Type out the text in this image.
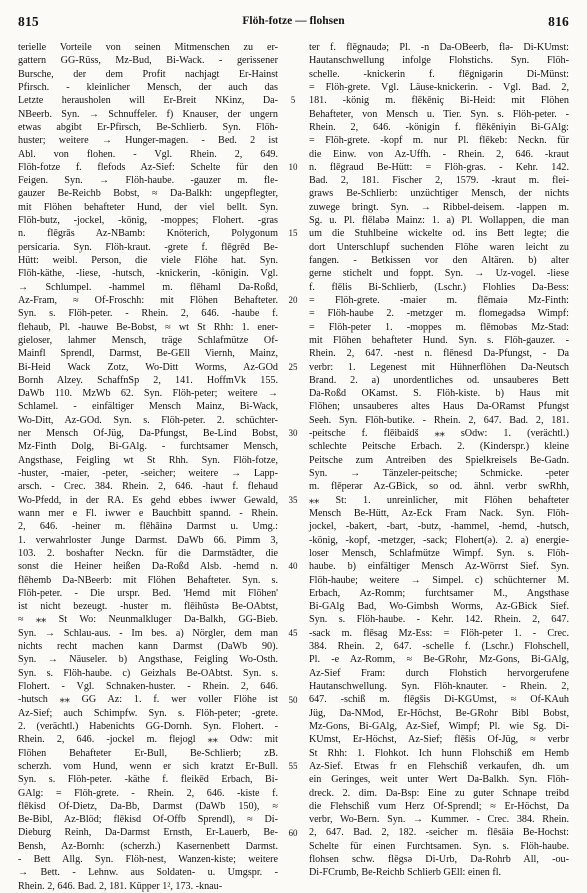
815	Flöh-fotze — flohsen	816
terielle Vorteile von seinen Mitmenschen zu er-
gattern GG-Rüss, Mz-Bud, Bi-Wack. - gerissener
Bursche, der dem Profit nachjagt Er-Hainst
Pfirsch. - kleinlicher Mensch, der auch das
Letzte herausholen will Er-Breit NKinz, Da-
NBeerb. Syn. → Schnuffeler. f) Knauser, der ungern
etwas abgibt Er-Pfirsch, Be-Schlierb. Syn. Flöh-
huster; weitere → Hunger-magen. - Bed. 2 ist
Abl. von flohen. - Vgl. Rhein. 2, 649.
Flöh-fotze f. flefods Az-Sief: Schelte für den
Feigen. Syn. → Flöh-haube. -gauzer m. fle-
gauzer Be-Reichb Bobst, ≈ Da-Balkh: ungepflegter,
mit Flöhen behafteter Hund, der viel bellt. Syn.
Flöh-butz, -jockel, -könig, -moppes; Flohert. -gras
n. flēgrās Az-NBamb: Knöterich, Polygonum
persicaria. Syn. Flöh-kraut. -grete f. flēgrēd Be-
Hütt: weibl. Person, die viele Flöhe hat. Syn.
Flöh-käthe, -liese, -hutsch, -knickerin, -königin. Vgl.
→ Schlumpel. -hammel m. flēhaml Da-Roßd,
Az-Fram, ≈ Of-Froschh: mit Flöhen Behafteter.
Syn. s. Flöh-peter. - Rhein. 2, 646. -haube f.
flehaub, Pl. -hauwe Be-Bobst, ≈ wt St Rhh: 1. ener-
gieloser, lahmer Mensch, träge Schlafmütze Of-
Mainfl Sprendl, Darmst, Be-GEll Viernh, Mainz,
Bi-Heid Wack Zotz, Wo-Ditt Worms, Az-GOd
Bornh Alzey. SchaffnSp 2, 141. HoffmVk 155.
DaWb 110. MzWb 62. Syn. Flöh-peter; weitere →
Schlamel. - einfältiger Mensch Mainz, Bi-Wack,
Wo-Ditt, Az-GOd. Syn. s. Flöh-peter. 2. schüchter-
ner Mensch Of-Jüg, Da-Pfungst, Be-Lind Bobst,
Mz-Finth Dolg, Bi-GAlg. - furchtsamer Mensch,
Angsthase, Feigling wt St Rhh. Syn. Flöh-fotze,
-huster, -maier, -peter, -seicher; weitere → Lapp-
arsch. - Crec. 384. Rhein. 2, 646. -haut f. flehaud
Wo-Pfedd, in der RA. Es gehd ebbes iwwer Gewald,
wann mer e Fl. iwwer e Bauchbitt spannd. - Rhein.
2, 646. -heiner m. flēhāinə Darmst u. Umg.:
1. verwahrloster Junge Darmst. DaWb 66. Pimm 3,
103. 2. boshafter Neckn. für die Darmstädter, die
sonst die Heiner heißen Da-Roßd Alsb. -hemd n.
flēhemb Da-NBeerb: mit Flöhen Behafteter. Syn. s.
Flöh-peter. - Die urspr. Bed. 'Hemd mit Flöhen'
ist nicht bezeugt. -huster m. flēihūstə Be-OAbtst,
≈ ⁎⁎ St Wo: Neunmalkluger Da-Balkh, GG-Bieb.
Syn. → Schlau-aus. - Im bes. a) Nörgler, dem man
nichts recht machen kann Darmst (DaWb 90).
Syn. → Näuseler. b) Angsthase, Feigling Wo-Osth.
Syn. s. Flöh-haube. c) Geizhals Be-OAbtst. Syn. s.
Flohert. - Vgl. Schnaken-huster. - Rhein. 2, 646.
-hutsch ⁎⁎ GG Az: 1. f. wer voller Flöhe ist
Az-Sief; auch Schimpfw. Syn. s. Flöh-peter; -grete.
2. (verächtl.) Habenichts GG-Dornh. Syn. Flohert. -
Rhein. 2, 646. -jockel m. flejogl ⁎⁎ Odw: mit
Flöhen Behafteter Er-Bull, Be-Schlierb; zB.
scherzh. vom Hund, wenn er sich kratzt Er-Bull.
Syn. s. Flöh-peter. -käthe f. fleikēd Erbach, Bi-
GAlg: = Flöh-grete. - Rhein. 2, 646. -kiste f.
flēkisd Of-Dietz, Da-Bb, Darmst (DaWb 150), ≈
Be-Bibl, Az-Blöd; flēkisd Of-Offb Sprendl), ≈ Di-
Dieburg Reinh, Da-Darmst Ernsth, Er-Lauerb, Be-
Bensh, Az-Bornh: (scherzh.) Kasernenbett Darmst.
- Bett Allg. Syn. Flöh-nest, Wanzen-kiste; weitere
→ Bett. - Lehnw. aus Soldaten- u. Umgspr. -
Rhein. 2, 646. Bad. 2, 181. Küpper 1², 173. -knau-
5
10
15
20
25
30
35
40
45
50
55
60
ter f. flēgnaudə; Pl. -n Da-OBeerb, flə- Di-KUmst:
Hautanschwellung infolge Flohstichs. Syn. Flöh-
schelle. -knickerin f. flēgnigərin Di-Münst:
= Flöh-grete. Vgl. Läuse-knickerin. - Vgl. Bad. 2,
181. -könig m. flēkēniç Bi-Heid: mit Flöhen
Behafteter, von Mensch u. Tier. Syn. s. Flöh-peter. -
Rhein. 2, 646. -königin f. flēkēniγin Bi-GAlg:
= Flöh-grete. -kopf m. nur Pl. flēkeb: Neckn. für
die Einw. von Az-Uffh. - Rhein. 2, 646. -kraut
n. flēgraud Be-Hütt: = Flöh-gras. - Kehr. 142.
Bad. 2, 181. Fischer 2, 1579. -kraut m. flei-
graws Be-Schlierb: unzüchtiger Mensch, der nichts
zuwege bringt. Syn. → Ribbel-deisem. -lappen m.
Sg. u. Pl. flēlabə Mainz: 1. a) Pl. Wollappen, die man
um die Stuhlbeine wickelte od. ins Bett legte; die
dort Unterschlupf suchenden Flöhe waren leicht zu
fangen. - Betkissen vor den Altären. b) alter
gerne stichelt und foppt. Syn. → Uz-vogel. -liese
f. flēlis Bi-Schlierb, (Lschr.) Flohlies Da-Bess:
= Flöh-grete. -maier m. flēmaiə Mz-Finth:
= Flöh-haube 2. -metzger m. flomegədsə Wimpf:
= Flöh-peter 1. -moppes m. flēmobəs Mz-Stad:
mit Flöhen behafteter Hund. Syn. s. Flöh-gauzer. -
Rhein. 2, 647. -nest n. flēnesd Da-Pfungst, - Da
verbr: 1. Legenest mit Hühnerflöhen Da-Neutsch
Brand. 2. a) unordentliches od. unsauberes Bett
Da-Roßd OKamst. S. Flöh-kiste. b) Haus mit
Flöhen; unsauberes altes Haus Da-ORamst Pfungst
Seeh. Syn. Flöh-butike. - Rhein. 2, 647. Bad. 2, 181.
-peitsche f. flēibaidš ⁎⁎ sOdw: 1. (verächtl.)
schlechte Peitsche Erbach. 2. (Kinderspr.) kleine
Peitsche zum Antreiben des Spielkreisels Be-Gadn.
Syn. → Tänzeler-peitsche; Schmicke. -peter
m. flēperər Az-GBick, so od. ähnl. verbr swRhh,
⁎⁎ St: 1. unreinlicher, mit Flöhen behafteter
Mensch Be-Hütt, Az-Eck Fram Nack. Syn. Flöh-
jockel, -bakert, -bart, -butz, -hammel, -hemd, -hutsch,
-könig, -kopf, -metzger, -sack; Flohert(ə). 2. a) energie-
loser Mensch, Schlafmütze Wimpf. Syn. s. Flöh-
haube. b) einfältiger Mensch Az-Wörrst Sief. Syn.
Flöh-haube; weitere → Simpel. c) schüchterner M.
Erbach, Az-Romm; furchtsamer M., Angsthase
Bi-GAlg Bad, Wo-Gimbsh Worms, Az-GBick Sief.
Syn. s. Flöh-haube. - Kehr. 142. Rhein. 2, 647.
-sack m. flēsag Mz-Ess: = Flöh-peter 1. - Crec.
384. Rhein. 2, 647. -schelle f. (Lschr.) Flohschell,
Pl. -e Az-Romm, ≈ Be-GRohr, Mz-Gons, Bi-GAlg,
Az-Sief Fram: durch Flohstich hervorgerufene
Hautanschwellung. Syn. Flöh-knauter. - Rhein. 2,
647. -schiß m. flēgšis Di-KGUmst, ≈ Of-KAuh
Jüg, Da-NMod, Er-Höchst, Be-GRohr Bibl Bobst,
Mz-Gons, Bi-GAlg, Az-Sief, Wimpf; Pl. wie Sg. Di-
KUmst, Er-Höchst, Az-Sief; flēšis Of-Jüg, ≈ verbr
St Rhh: 1. Flohkot. Ich hunn Flohschiß em Hemb
Az-Sief. Etwas fr en Flehschiß verkaufen, dh. um
ein Geringes, weit unter Wert Da-Balkh. Syn. Flöh-
dreck. 2. dim. Da-Bsp: Eine zu guter Schnape treibd
die Flehschiß vum Herz Of-Sprendl; ≈ Er-Höchst, Da
verbr, Wo-Bern. Syn. → Kummer. - Crec. 384. Rhein.
2, 647. Bad. 2, 182. -seicher m. flēsāiə Be-Hochst:
Schelte für einen Furchtsamen. Syn. s. Flöh-haube.
flohsen schw. flēgsə Di-Urb, Da-Rohrb All, -ou-
Di-FCrumb, Be-Reichb Schlierb GEll: einen fl.
